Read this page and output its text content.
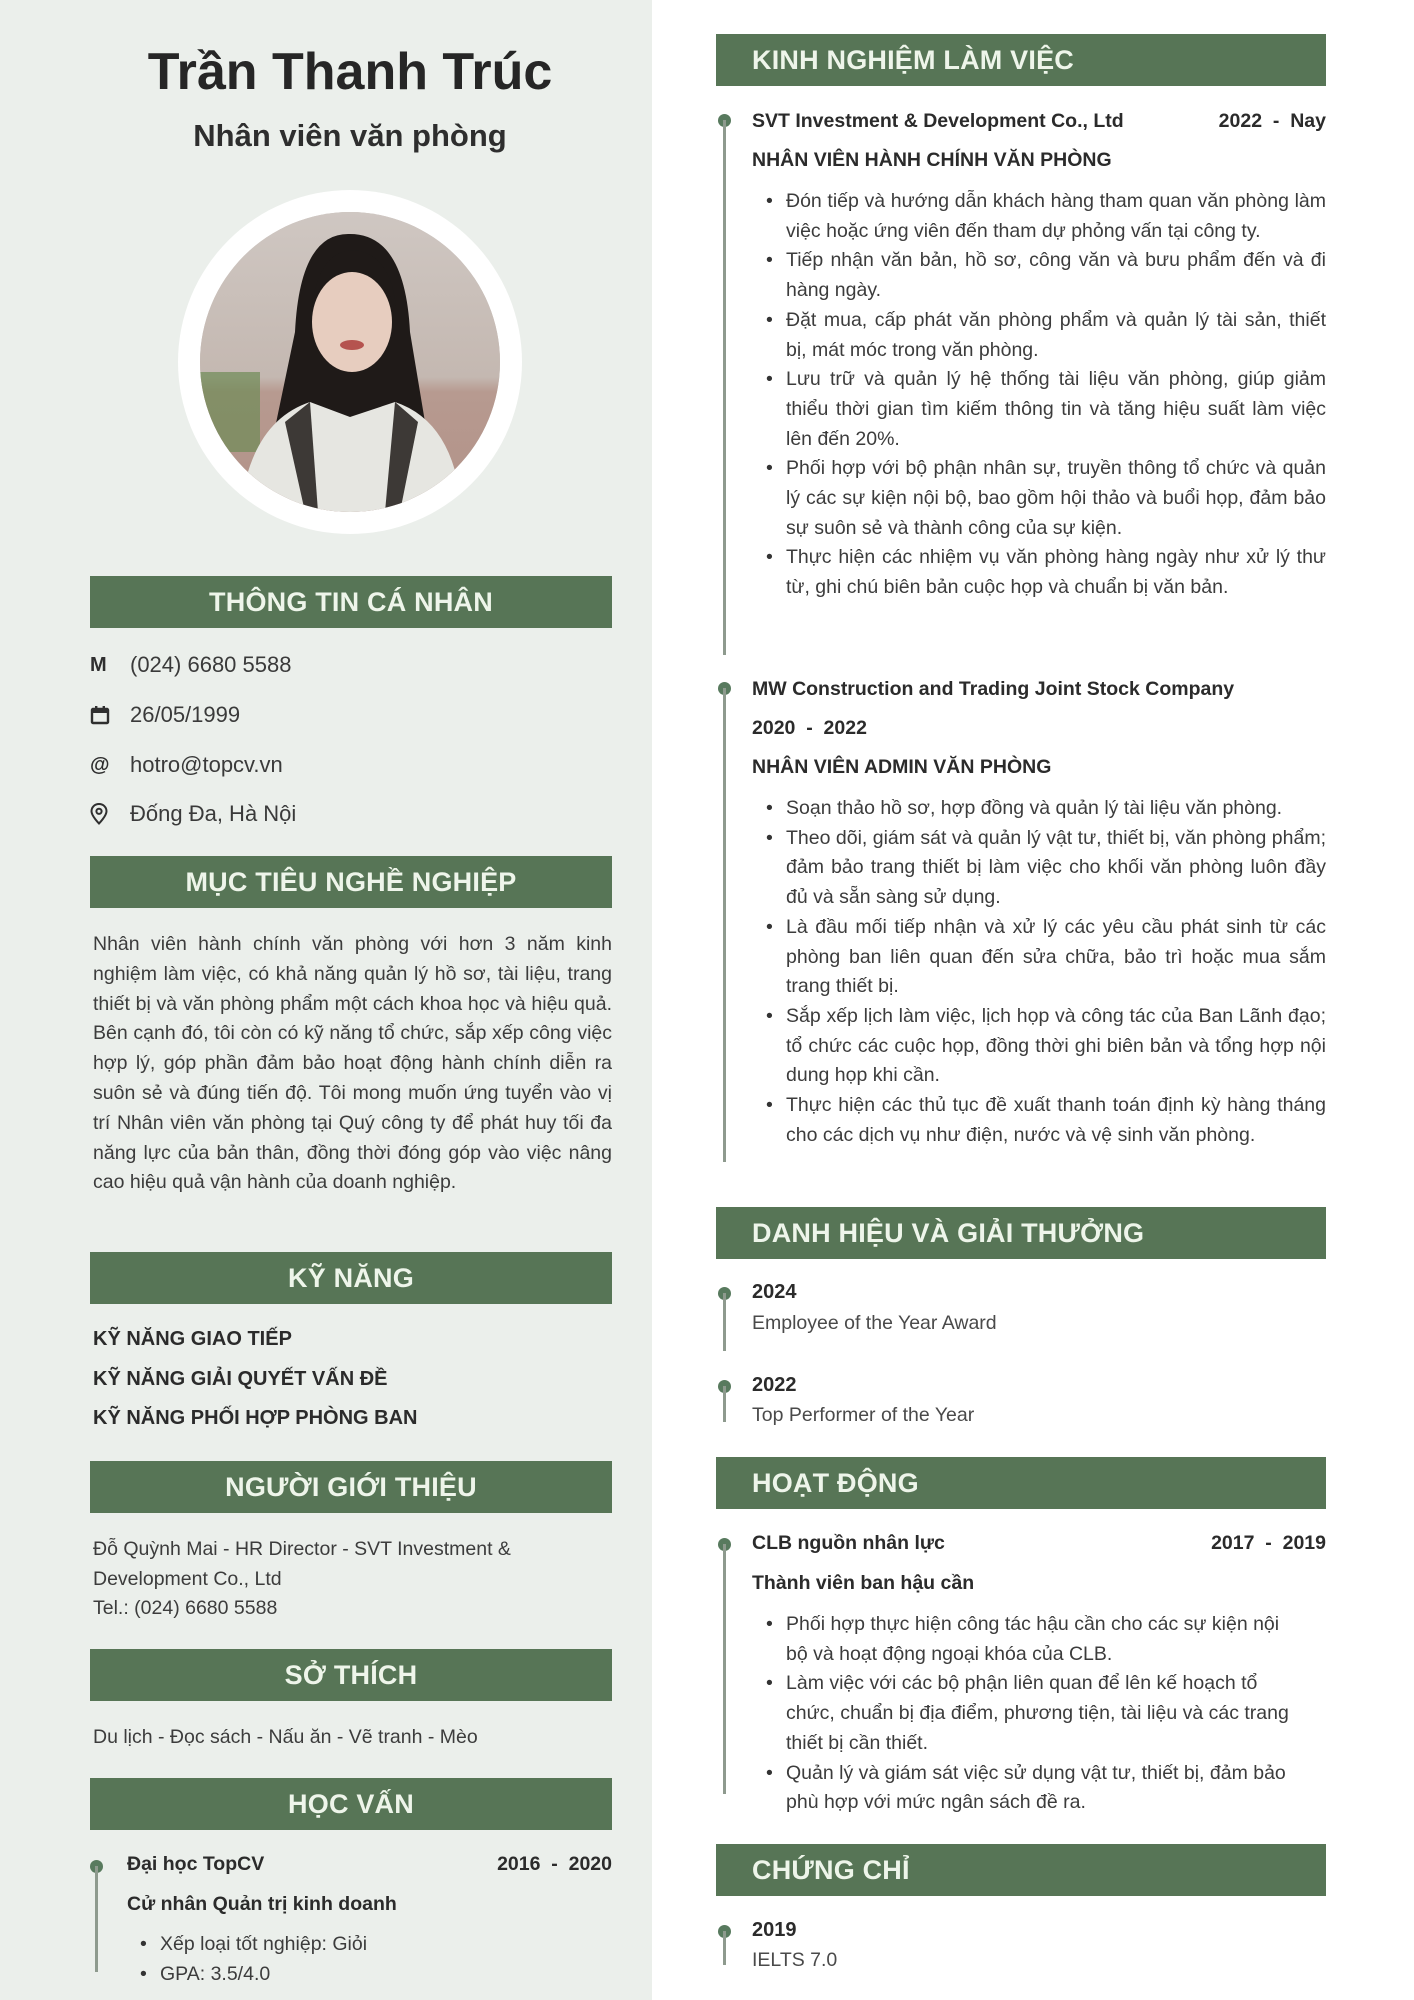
Trần Thanh Trúc
Nhân viên văn phòng
THÔNG TIN CÁ NHÂN
M	(024) 6680 5588
26/05/1999
@ hotro@topcv.vn
Đống Đa, Hà Nội
MỤC TIÊU NGHỀ NGHIỆP
Nhân viên hành chính văn phòng với hơn 3 năm kinh nghiệm làm việc, có khả năng quản lý hồ sơ, tài liệu, trang thiết bị và văn phòng phẩm một cách khoa học và hiệu quả. Bên cạnh đó, tôi còn có kỹ năng tổ chức, sắp xếp công việc hợp lý, góp phần đảm bảo hoạt động hành chính diễn ra suôn sẻ và đúng tiến độ. Tôi mong muốn ứng tuyển vào vị trí Nhân viên văn phòng tại Quý công ty để phát huy tối đa năng lực của bản thân, đồng thời đóng góp vào việc nâng cao hiệu quả vận hành của doanh nghiệp.
KỸ NĂNG
KỸ NĂNG GIAO TIẾP
KỸ NĂNG GIẢI QUYẾT VẤN ĐỀ
KỸ NĂNG PHỐI HỢP PHÒNG BAN
NGƯỜI GIỚI THIỆU
Đỗ Quỳnh Mai - HR Director - SVT Investment &
Development Co., Ltd
Tel.: (024) 6680 5588
SỞ THÍCH
Du lịch - Đọc sách - Nấu ăn - Vẽ tranh - Mèo
HỌC VẤN
Đại học TopCV	2016  -  2020
Cử nhân Quản trị kinh doanh
• Xếp loại tốt nghiệp: Giỏi
• GPA: 3.5/4.0
KINH NGHIỆM LÀM VIỆC
SVT Investment & Development Co., Ltd	2022  -  Nay
NHÂN VIÊN HÀNH CHÍNH VĂN PHÒNG
• Đón tiếp và hướng dẫn khách hàng tham quan văn phòng làm việc hoặc ứng viên đến tham dự phỏng vấn tại công ty.
• Tiếp nhận văn bản, hồ sơ, công văn và bưu phẩm đến và đi hàng ngày.
• Đặt mua, cấp phát văn phòng phẩm và quản lý tài sản, thiết bị, mát móc trong văn phòng.
• Lưu trữ và quản lý hệ thống tài liệu văn phòng, giúp giảm thiểu thời gian tìm kiếm thông tin và tăng hiệu suất làm việc lên đến 20%.
• Phối hợp với bộ phận nhân sự, truyền thông tổ chức và quản lý các sự kiện nội bộ, bao gồm hội thảo và buổi họp, đảm bảo sự suôn sẻ và thành công của sự kiện.
• Thực hiện các nhiệm vụ văn phòng hàng ngày như xử lý thư từ, ghi chú biên bản cuộc họp và chuẩn bị văn bản.
MW Construction and Trading Joint Stock Company
2020  -  2022
NHÂN VIÊN ADMIN VĂN PHÒNG
• Soạn thảo hồ sơ, hợp đồng và quản lý tài liệu văn phòng.
• Theo dõi, giám sát và quản lý vật tư, thiết bị, văn phòng phẩm; đảm bảo trang thiết bị làm việc cho khối văn phòng luôn đầy đủ và sẵn sàng sử dụng.
• Là đầu mối tiếp nhận và xử lý các yêu cầu phát sinh từ các phòng ban liên quan đến sửa chữa, bảo trì hoặc mua sắm trang thiết bị.
• Sắp xếp lịch làm việc, lịch họp và công tác của Ban Lãnh đạo; tổ chức các cuộc họp, đồng thời ghi biên bản và tổng hợp nội dung họp khi cần.
• Thực hiện các thủ tục đề xuất thanh toán định kỳ hàng tháng cho các dịch vụ như điện, nước và vệ sinh văn phòng.
DANH HIỆU VÀ GIẢI THƯỞNG
2024
Employee of the Year Award
2022
Top Performer of the Year
HOẠT ĐỘNG
CLB nguồn nhân lực	2017  -  2019
Thành viên ban hậu cần
• Phối hợp thực hiện công tác hậu cần cho các sự kiện nội bộ và hoạt động ngoại khóa của CLB.
• Làm việc với các bộ phận liên quan để lên kế hoạch tổ chức, chuẩn bị địa điểm, phương tiện, tài liệu và các trang thiết bị cần thiết.
• Quản lý và giám sát việc sử dụng vật tư, thiết bị, đảm bảo phù hợp với mức ngân sách đề ra.
CHỨNG CHỈ
2019
IELTS 7.0
